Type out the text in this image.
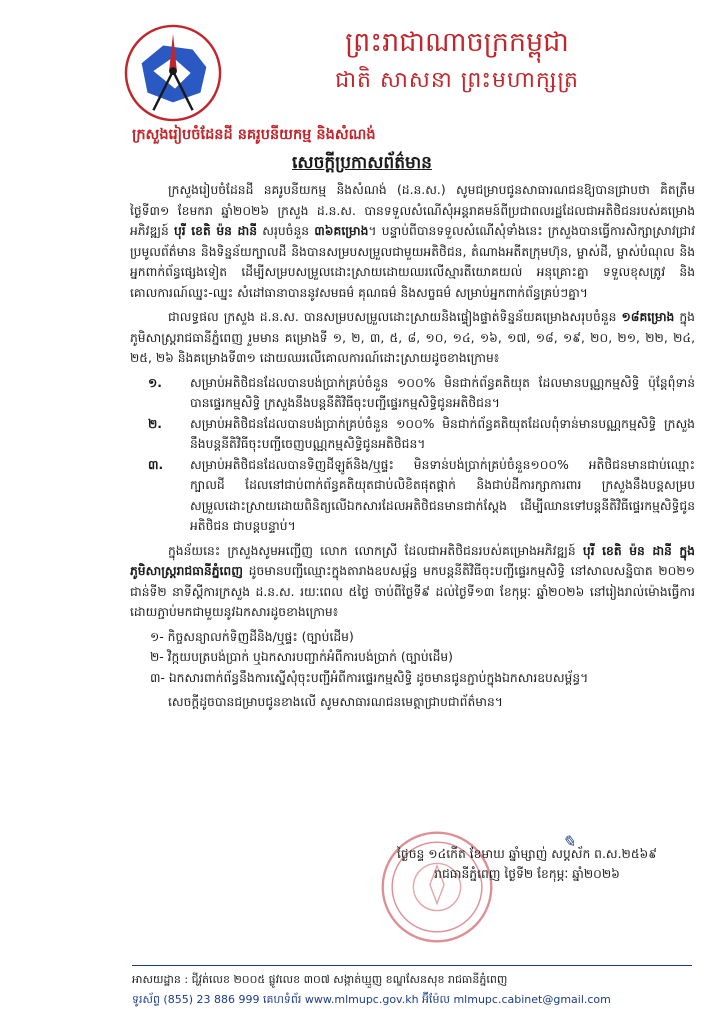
ព្រះរាជាណាចក្រកម្ពុជា
ជាតិ សាសនា ព្រះមហាក្សត្រ
ក្រសួងរៀបចំដែនដី នគរូបនីយកម្ម និងសំណង់
សេចក្តីប្រកាសព័ត៌មាន

ក្រសួងរៀបចំដែនដី នគរូបនីយកម្ម និងសំណង់ (ដ.ន.ស.) សូមជម្រាបជូនសាធារណជនឱ្យបានជ្រាបថា គិតត្រឹមថ្ងៃទី៣១ ខែមករា ឆ្នាំ២០២៦ ក្រសួង ដ.ន.ស. បានទទួលសំណើសុំអន្តរាគមន៍ពីប្រជាពលរដ្ឋដែលជាអតិថិជនរបស់គម្រោងអភិវឌ្ឍន៍ បុរី ខេតិ ម៉ន ដានី សរុបចំនួន ៣៦គម្រោង។ បន្ទាប់ពីបានទទួលសំណើសុំទាំងនេះ ក្រសួងបានធ្វើការសិក្សាស្រាវជ្រាវប្រមូលព័ត៌មាន និងទិន្នន័យក្បាលដី និងបានសម្របសម្រួលជាមួយអតិថិជន, តំណាងអតីតក្រុមហ៊ុន, ម្ចាស់ដី, ម្ចាស់បំណុល និងអ្នកពាក់ព័ន្ធផ្សេងទៀត ដើម្បីសម្របសម្រួលដោះស្រាយដោយឈរលើស្មារតីយោគយល់ អនុគ្រោះគ្នា ទទួលខុសត្រូវ និងគោលការណ៍ឈ្នះ-ឈ្នះ សំដៅធានាបាននូវសមធម៌ គុណធម៌ និងសច្ចធម៌ សម្រាប់អ្នកពាក់ព័ន្ធគ្រប់ៗគ្នា។

ជាលទ្ធផល ក្រសួង ដ.ន.ស. បានសម្របសម្រួលដោះស្រាយនិងផ្ទៀងផ្ទាត់ទិន្នន័យគម្រោងសរុបចំនួន ១៨គម្រោង ក្នុងភូមិសាស្ត្ររាជធានីភ្នំពេញ រួមមាន គម្រោងទី ១, ២, ៣, ៥, ៨, ១០, ១៤, ១៦, ១៧, ១៨, ១៩, ២០, ២១, ២២, ២៤, ២៥, ២៦ និងគម្រោងទី៣១ ដោយឈរលើគោលការណ៍ដោះស្រាយដូចខាងក្រោម៖

១. សម្រាប់អតិថិជនដែលបានបង់ប្រាក់គ្រប់ចំនួន ១០០% មិនជាក់ព័ន្ធគតិយុត ដែលមានបណ្ណកម្មសិទ្ធិ ប៉ុន្តែពុំទាន់បានផ្ទេរកម្មសិទ្ធិ ក្រសួងនឹងបន្តនីតិវិធីចុះបញ្ជីផ្ទេរកម្មសិទ្ធិជូនអតិថិជន។
២. សម្រាប់អតិថិជនដែលបានបង់ប្រាក់គ្រប់ចំនួន ១០០% មិនជាក់ព័ន្ធគតិយុតដែលពុំទាន់មានបណ្ណកម្មសិទ្ធិ ក្រសួងនឹងបន្តនីតិវិធីចុះបញ្ជីចេញបណ្ណកម្មសិទ្ធិជូនអតិថិជន។
៣. សម្រាប់អតិថិជនដែលបានទិញដីឡូត៍និង/ឬផ្ទះ មិនទាន់បង់ប្រាក់គ្រប់ចំនួន១០០% អតិថិជនមានជាប់ឈ្មោះក្បាលដី ដែលនៅជាប់ពាក់ព័ន្ធគតិយុតជាប់លិខិតផុតផ្តាក់ និងជាប់ដីការក្សាការពារ ក្រសួងនឹងបន្តសម្របសម្រួលដោះស្រាយដោយពិនិត្យលើឯកសារដែលអតិថិជនមានជាក់ស្តែង ដើម្បីឈានទៅបន្តនីតិវិធីផ្ទេរកម្មសិទ្ធិជូនអតិថិជន ជាបន្តបន្ទាប់។

ក្នុងន័យនេះ ក្រសួងសូមអញ្ជើញ លោក លោកស្រី ដែលជាអតិថិជនរបស់គម្រោងអភិវឌ្ឍន៍ បុរី ខេតិ ម៉ន ដានី ក្នុងភូមិសាស្ត្ររាជធានីភ្នំពេញ ដូចមានបញ្ជីឈ្មោះក្នុងតារាងឧបសម្ព័ន្ធ មកបន្តនីតិវិធីចុះបញ្ជីផ្ទេរកម្មសិទ្ធិ នៅសាលសន្និបាត ២០២១ ជាន់ទី២ នាទីស្តីការក្រសួង ដ.ន.ស. រយៈពេល ៥ថ្ងៃ ចាប់ពីថ្ងៃទី៩ ដល់ថ្ងៃទី១៣ ខែកុម្ភៈ ឆ្នាំ២០២៦ នៅរៀងរាល់ម៉ោងធ្វើការ ដោយភ្ជាប់មកជាមួយនូវឯកសារដូចខាងក្រោម៖

១- កិច្ចសន្យាលក់ទិញដីនិង/ឬផ្ទះ (ច្បាប់ដើម)
២- វិក្កយបត្របង់ប្រាក់ ឬឯកសារបញ្ជាក់អំពីការបង់ប្រាក់ (ច្បាប់ដើម)
៣- ឯកសារពាក់ព័ន្ធនឹងការស្នើសុំចុះបញ្ជីអំពីការផ្ទេរកម្មសិទ្ធិ ដូចមានជូនភ្ជាប់ក្នុងឯកសារឧបសម្ព័ន្ធ។

សេចក្តីដូចបានជម្រាបជូនខាងលើ សូមសាធារណជនមេត្តាជ្រាបជាព័ត៌មាន។

✎
ថ្ងៃចន្ទ ១៤កើត ខែមាឃ ឆ្នាំម្សាញ់ សប្តស័ក ព.ស.២៥៦៩
រាជធានីភ្នំពេញ ថ្ងៃទី២ ខែកុម្ភៈ ឆ្នាំ២០២៦
អាសយដ្ឋាន : ជីវ្ហត់លេខ ២០០៥ ផ្លូវលេខ ៣០៧ សង្កាត់ឃ្មួញ ខណ្ឌសែនសុខ រាជធានីភ្នំពេញ
ទូរស័ព្ទ (855) 23 886 999 គេហទំព័រ www.mlmupc.gov.kh អ៊ីម៉ែល mlmupc.cabinet@gmail.com
